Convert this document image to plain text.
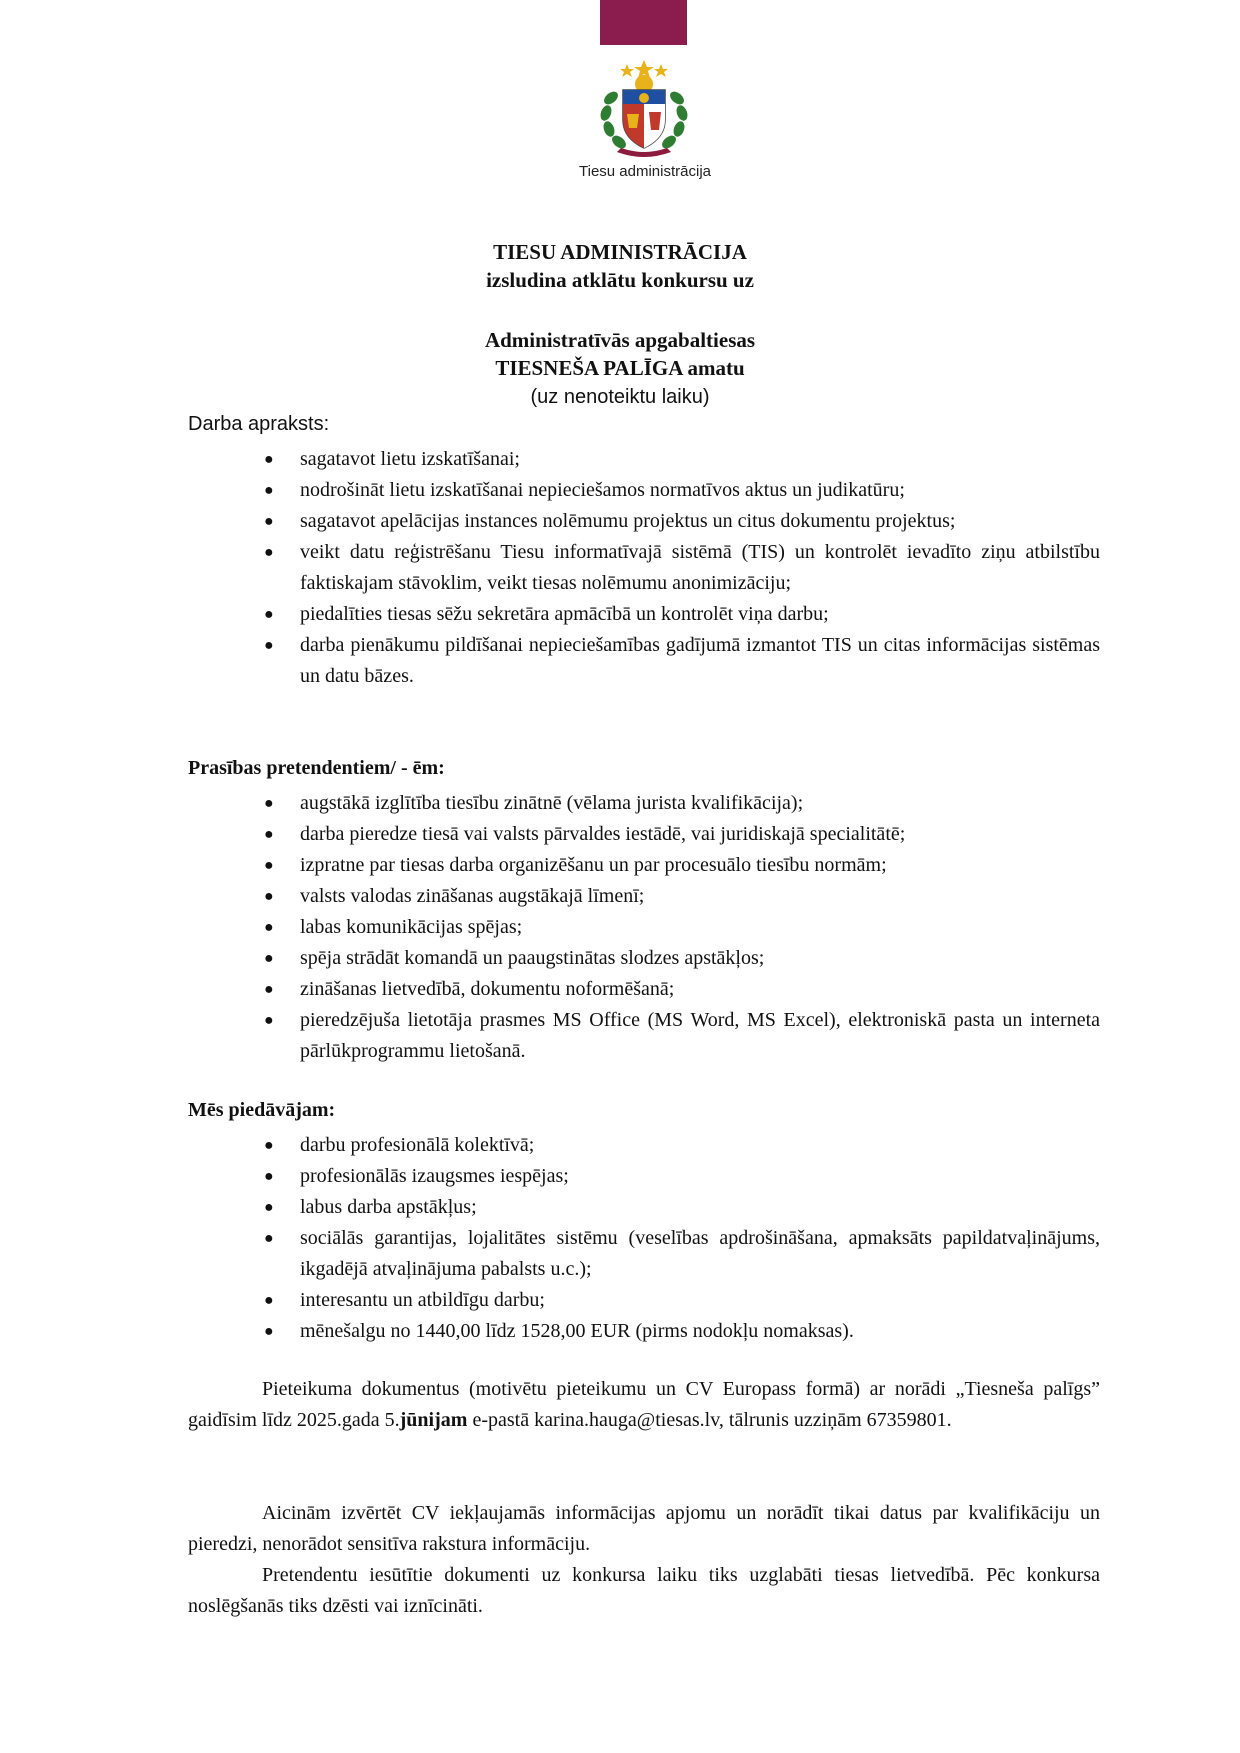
Tiesu administrācija
TIESU ADMINISTRĀCIJA
izsludina atklātu konkursu uz
Administratīvās apgabaltiesas
TIESNEŠA PALĪGA amatu
(uz nenoteiktu laiku)
Darba apraksts:
● sagatavot lietu izskatīšanai;
● nodrošināt lietu izskatīšanai nepieciešamos normatīvos aktus un judikatūru;
● sagatavot apelācijas instances nolēmumu projektus un citus dokumentu projektus;
● veikt datu reģistrēšanu Tiesu informatīvajā sistēmā (TIS) un kontrolēt ievadīto ziņu atbilstību faktiskajam stāvoklim, veikt tiesas nolēmumu anonimizāciju;
● piedalīties tiesas sēžu sekretāra apmācībā un kontrolēt viņa darbu;
● darba pienākumu pildīšanai nepieciešamības gadījumā izmantot TIS un citas informācijas sistēmas un datu bāzes.
Prasības pretendentiem/ - ēm:
● augstākā izglītība tiesību zinātnē (vēlama jurista kvalifikācija);
● darba pieredze tiesā vai valsts pārvaldes iestādē, vai juridiskajā specialitātē;
● izpratne par tiesas darba organizēšanu un par procesuālo tiesību normām;
● valsts valodas zināšanas augstākajā līmenī;
● labas komunikācijas spējas;
● spēja strādāt komandā un paaugstinātas slodzes apstākļos;
● zināšanas lietvedībā, dokumentu noformēšanā;
● pieredzējuša lietotāja prasmes MS Office (MS Word, MS Excel), elektroniskā pasta un interneta pārlūkprogrammu lietošanā.
Mēs piedāvājam:
● darbu profesionālā kolektīvā;
● profesionālās izaugsmes iespējas;
● labus darba apstākļus;
● sociālās garantijas, lojalitātes sistēmu (veselības apdrošināšana, apmaksāts papildatvaļinājums, ikgadējā atvaļinājuma pabalsts u.c.);
● interesantu un atbildīgu darbu;
● mēnešalgu no 1440,00 līdz 1528,00 EUR (pirms nodokļu nomaksas).
Pieteikuma dokumentus (motivētu pieteikumu un CV Europass formā) ar norādi „Tiesneša palīgs” gaidīsim līdz 2025.gada 5.jūnijam e-pastā karina.hauga@tiesas.lv, tālrunis uzziņām 67359801.
Aicinām izvērtēt CV iekļaujamās informācijas apjomu un norādīt tikai datus par kvalifikāciju un pieredzi, nenorādot sensitīva rakstura informāciju.
Pretendentu iesūtītie dokumenti uz konkursa laiku tiks uzglabāti tiesas lietvedībā. Pēc konkursa noslēgšanās tiks dzēsti vai iznīcināti.
